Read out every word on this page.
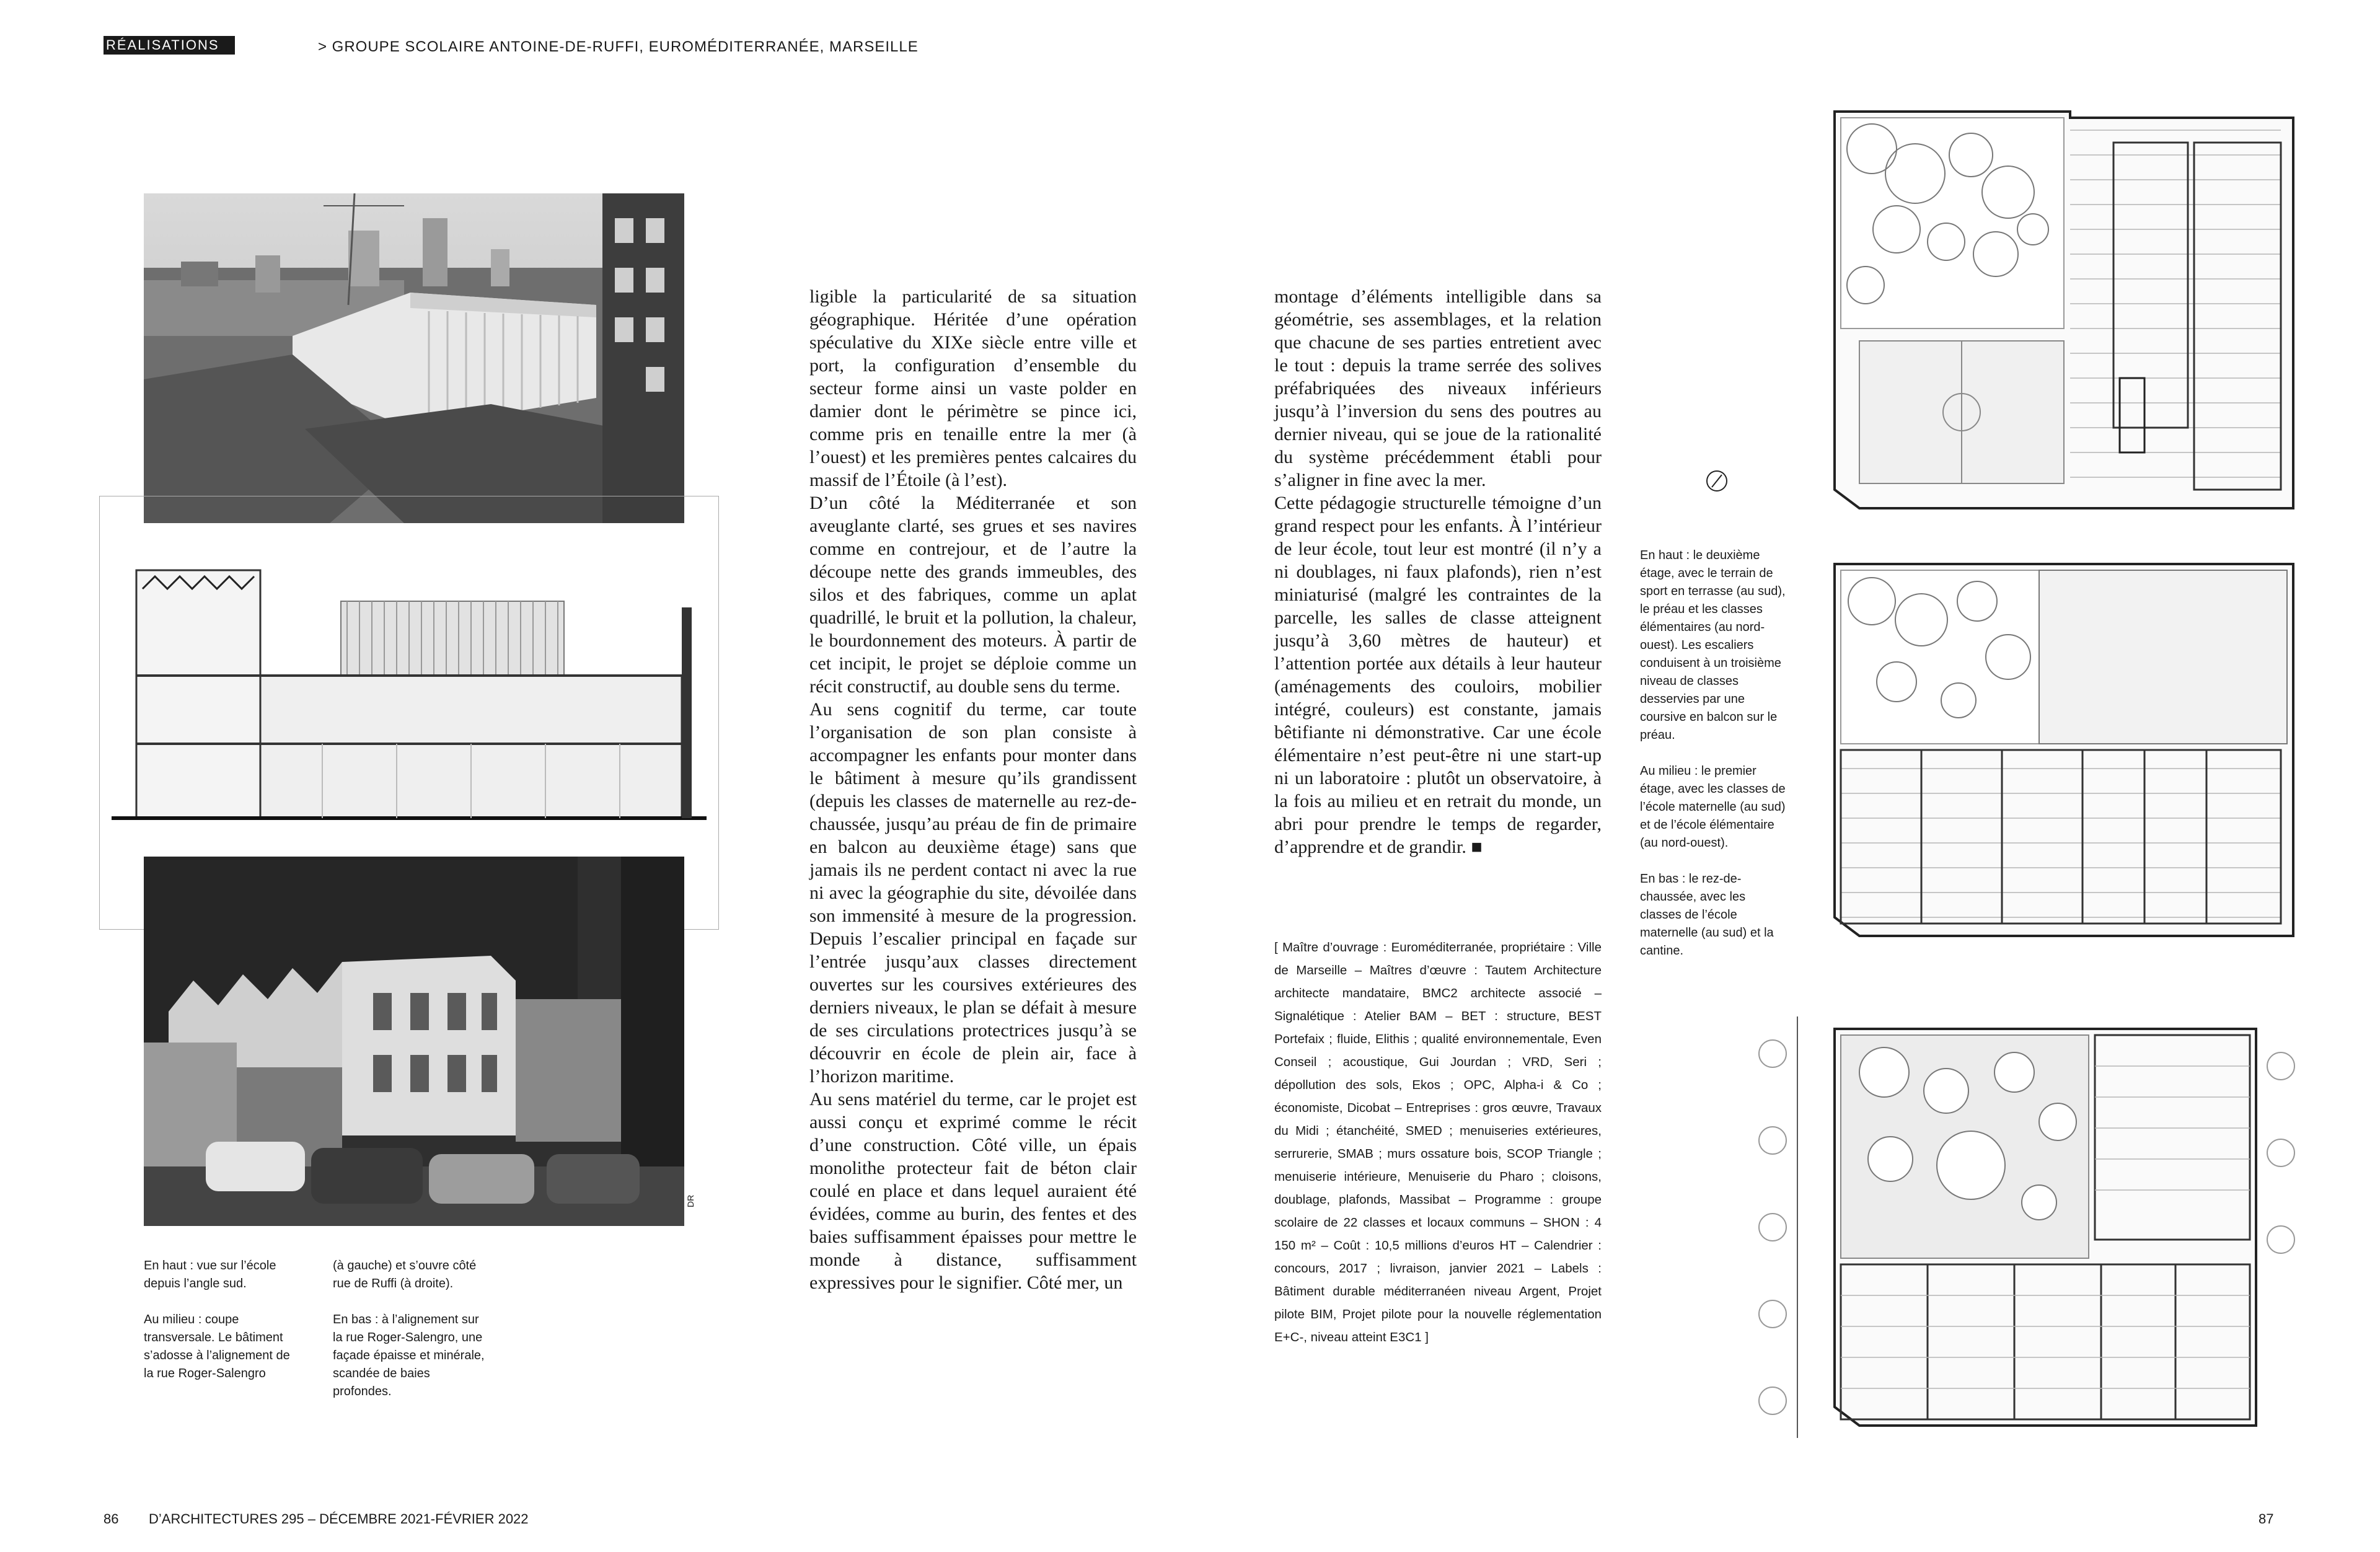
RÉALISATIONS	> GROUPE SCOLAIRE ANTOINE-DE-RUFFI, EUROMÉDITERRANÉE, MARSEILLE
DR

En haut : vue sur l’école depuis l’angle sud.

Au milieu : coupe transversale. Le bâtiment s’adosse à l’alignement de la rue Roger-Salengro

(à gauche) et s’ouvre côté rue de Ruffi (à droite).

En bas : à l’alignement sur la rue Roger-Salengro, une façade épaisse et minérale, scandée de baies profondes.

ligible la particularité de sa situation géographique. Héritée d’une opération spéculative du XIXe siècle entre ville et port, la configuration d’ensemble du secteur forme ainsi un vaste polder en damier dont le périmètre se pince ici, comme pris en tenaille entre la mer (à l’ouest) et les premières pentes calcaires du massif de l’Étoile (à l’est).

D’un côté la Méditerranée et son aveuglante clarté, ses grues et ses navires comme en contrejour, et de l’autre la découpe nette des grands immeubles, des silos et des fabriques, comme un aplat quadrillé, le bruit et la pollution, la chaleur, le bourdonnement des moteurs. À partir de cet incipit, le projet se déploie comme un récit constructif, au double sens du terme.

Au sens cognitif du terme, car toute l’organisation de son plan consiste à accompagner les enfants pour monter dans le bâtiment à mesure qu’ils grandissent (depuis les classes de maternelle au rez-de-chaussée, jusqu’au préau de fin de primaire en balcon au deuxième étage) sans que jamais ils ne perdent contact ni avec la rue ni avec la géographie du site, dévoilée dans son immensité à mesure de la progression. Depuis l’escalier principal en façade sur l’entrée jusqu’aux classes directement ouvertes sur les coursives extérieures des derniers niveaux, le plan se défait à mesure de ses circulations protectrices jusqu’à se découvrir en école de plein air, face à l’horizon maritime.

Au sens matériel du terme, car le projet est aussi conçu et exprimé comme le récit d’une construction. Côté ville, un épais monolithe protecteur fait de béton clair coulé en place et dans lequel auraient été évidées, comme au burin, des fentes et des baies suffisamment épaisses pour mettre le monde à distance, suffisamment expressives pour le signifier. Côté mer, un

montage d’éléments intelligible dans sa géométrie, ses assemblages, et la relation que chacune de ses parties entretient avec le tout : depuis la trame serrée des solives préfabriquées des niveaux inférieurs jusqu’à l’inversion du sens des poutres au dernier niveau, qui se joue de la rationalité du système précédemment établi pour s’aligner in fine avec la mer.

Cette pédagogie structurelle témoigne d’un grand respect pour les enfants. À l’intérieur de leur école, tout leur est montré (il n’y a ni doublages, ni faux plafonds), rien n’est miniaturisé (malgré les contraintes de la parcelle, les salles de classe atteignent jusqu’à 3,60 mètres de hauteur) et l’attention portée aux détails à leur hauteur (aménagements des couloirs, mobilier intégré, couleurs) est constante, jamais bêtifiante ni démonstrative. Car une école élémentaire n’est peut-être ni une start-up ni un laboratoire : plutôt un observatoire, à la fois au milieu et en retrait du monde, un abri pour prendre le temps de regarder, d’apprendre et de grandir. ■

[ Maître d’ouvrage : Euroméditerranée, propriétaire : Ville de Marseille – Maîtres d’œuvre : Tautem Architecture architecte mandataire, BMC2 architecte associé – Signalétique : Atelier BAM – BET : structure, BEST Portefaix ; fluide, Elithis ; qualité environnementale, Even Conseil ; acoustique, Gui Jourdan ; VRD, Seri ; dépollution des sols, Ekos ; OPC, Alpha-i & Co ; économiste, Dicobat – Entreprises : gros œuvre, Travaux du Midi ; étanchéité, SMED ; menuiseries extérieures, serrurerie, SMAB ; murs ossature bois, SCOP Triangle ; menuiserie intérieure, Menuiserie du Pharo ; cloisons, doublage, plafonds, Massibat – Programme : groupe scolaire de 22 classes et locaux communs – SHON : 4 150 m² – Coût : 10,5 millions d’euros HT – Calendrier : concours, 2017 ; livraison, janvier 2021 – Labels : Bâtiment durable méditerranéen niveau Argent, Projet pilote BIM, Projet pilote pour la nouvelle réglementation E+C-, niveau atteint E3C1 ]

En haut : le deuxième étage, avec le terrain de sport en terrasse (au sud), le préau et les classes élémentaires (au nord-ouest). Les escaliers conduisent à un troisième niveau de classes desservies par une coursive en balcon sur le préau.

Au milieu : le premier étage, avec les classes de l’école maternelle (au sud) et de l’école élémentaire (au nord-ouest).

En bas : le rez-de-chaussée, avec les classes de l’école maternelle (au sud) et la cantine.

86 D’ARCHITECTURES 295 – DÉCEMBRE 2021-FÉVRIER 2022	87
